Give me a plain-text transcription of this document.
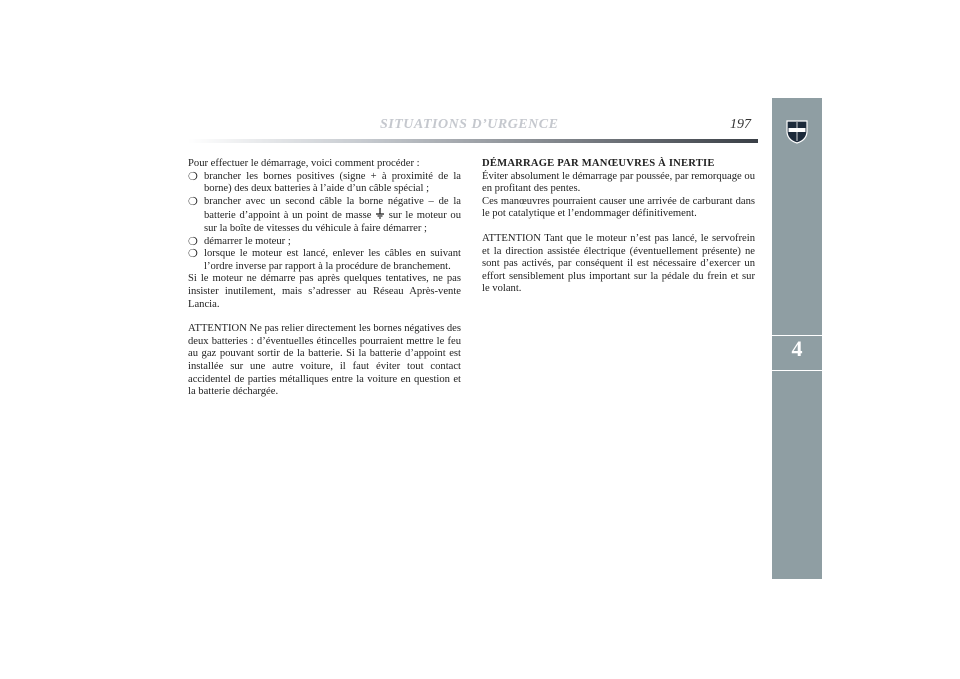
SITUATIONS D’URGENCE	197
4

Pour effectuer le démarrage, voici comment procéder :

❍ brancher les bornes positives (signe + à proximité de la borne) des deux batteries à l’aide d’un câble spécial ;
❍ brancher avec un second câble la borne négative – de la batterie d’appoint à un point de masse sur le moteur ou sur la boîte de vitesses du véhicule à faire démarrer ;
❍ démarrer le moteur ;
❍ lorsque le moteur est lancé, enlever les câbles en suivant l’ordre inverse par rapport à la procédure de branchement.

Si le moteur ne démarre pas après quelques tentatives, ne pas insister inutilement, mais s’adresser au Réseau Après-vente Lancia.

ATTENTION Ne pas relier directement les bornes négatives des deux batteries : d’éventuelles étincelles pourraient mettre le feu au gaz pouvant sortir de la batterie. Si la batterie d’appoint est installée sur une autre voiture, il faut éviter tout contact accidentel de parties métalliques entre la voiture en question et la batterie déchargée.

DÉMARRAGE PAR MANŒUVRES À INERTIE

Éviter absolument le démarrage par poussée, par remorquage ou en profitant des pentes.

Ces manœuvres pourraient causer une arrivée de carburant dans le pot catalytique et l’endommager définitivement.

ATTENTION Tant que le moteur n’est pas lancé, le servofrein et la direction assistée électrique (éventuellement présente) ne sont pas activés, par conséquent il est nécessaire d’exercer un effort sensiblement plus important sur la pédale du frein et sur le volant.
